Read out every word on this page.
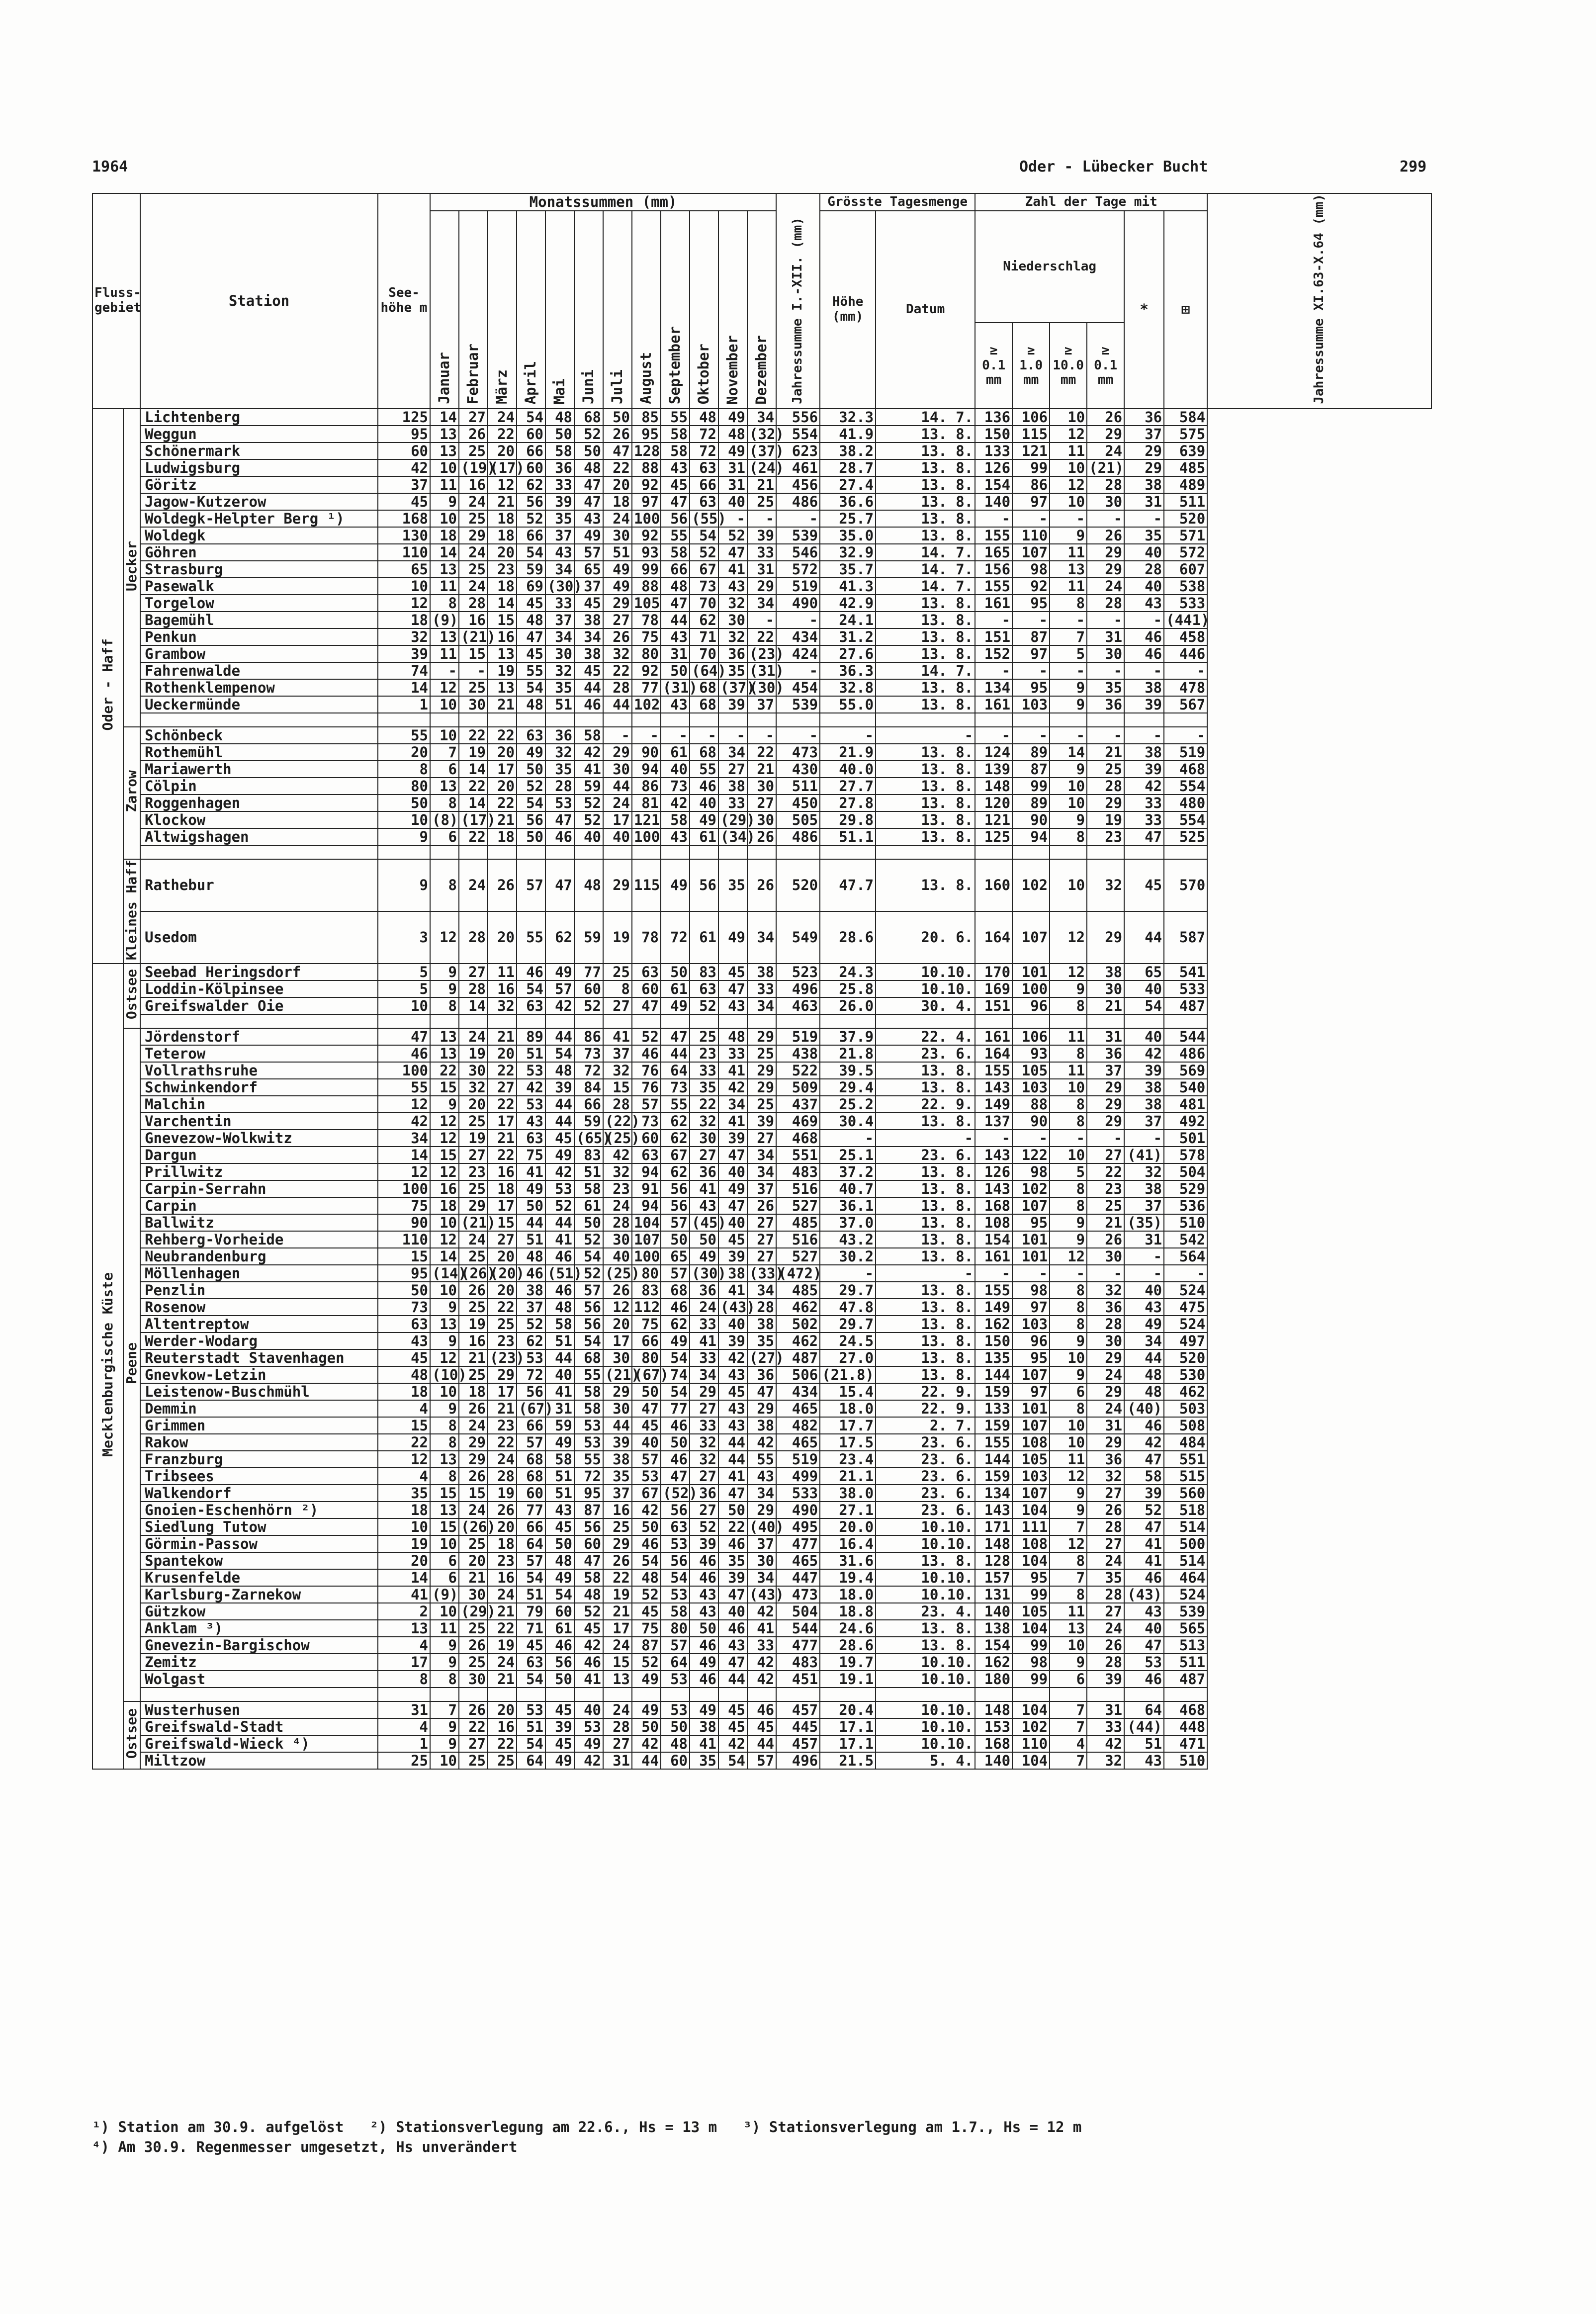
1964	Oder - Lübecker Bucht	299
Fluss-gebiet		Station	See-höhe m	Monatssummen (mm)												Jahressumme I.-XII. (mm)	Grösste Tagesmenge		Zahl der Tage mit						Jahressumme XI.63-X.64 (mm)
				Januar	Februar	März	April	Mai	Juni	Juli	August	September	Oktober	November	Dezember		Höhe (mm)	Datum	Niederschlag				*	⊞	
																			≥ 0.1 mm	≥ 1.0 mm	≥ 10.0 mm	≥ 0.1 mm			
Oder - Haff	Uecker	Lichtenberg	125	14	27	24	54	48	68	50	85	55	48	49	34	556	32.3	14. 7.	136	106	10	26	36	584	
		Weggun	95	13	26	22	60	50	52	26	95	58	72	48	(32)	554	41.9	13. 8.	150	115	12	29	37	575	
		Schönermark	60	13	25	20	66	58	50	47	128	58	72	49	(37)	623	38.2	13. 8.	133	121	11	24	29	639	
		Ludwigsburg	42	10	(19)	(17)	60	36	48	22	88	43	63	31	(24)	461	28.7	13. 8.	126	99	10	(21)	29	485	
		Göritz	37	11	16	12	62	33	47	20	92	45	66	31	21	456	27.4	13. 8.	154	86	12	28	38	489	
		Jagow-Kutzerow	45	9	24	21	56	39	47	18	97	47	63	40	25	486	36.6	13. 8.	140	97	10	30	31	511	
		Woldegk-Helpter Berg ¹)	168	10	25	18	52	35	43	24	100	56	(55)	-	-	-	25.7	13. 8.	-	-	-	-	-	520	
		Woldegk	130	18	29	18	66	37	49	30	92	55	54	52	39	539	35.0	13. 8.	155	110	9	26	35	571	
		Göhren	110	14	24	20	54	43	57	51	93	58	52	47	33	546	32.9	14. 7.	165	107	11	29	40	572	
		Strasburg	65	13	25	23	59	34	65	49	99	66	67	41	31	572	35.7	14. 7.	156	98	13	29	28	607	
		Pasewalk	10	11	24	18	69	(30)	37	49	88	48	73	43	29	519	41.3	14. 7.	155	92	11	24	40	538	
		Torgelow	12	8	28	14	45	33	45	29	105	47	70	32	34	490	42.9	13. 8.	161	95	8	28	43	533	
		Bagemühl	18	(9)	16	15	48	37	38	27	78	44	62	30	-	-	24.1	13. 8.	-	-	-	-	-	(441)	
		Penkun	32	13	(21)	16	47	34	34	26	75	43	71	32	22	434	31.2	13. 8.	151	87	7	31	46	458	
		Grambow	39	11	15	13	45	30	38	32	80	31	70	36	(23)	424	27.6	13. 8.	152	97	5	30	46	446	
		Fahrenwalde	74	-	-	19	55	32	45	22	92	50	(64)	35	(31)	-	36.3	14. 7.	-	-	-	-	-	-	
		Rothenklempenow	14	12	25	13	54	35	44	28	77	(31)	68	(37)	(30)	454	32.8	13. 8.	134	95	9	35	38	478	
		Ueckermünde	1	10	30	21	48	51	46	44	102	43	68	39	37	539	55.0	13. 8.	161	103	9	36	39	567	

	Zarow	Schönbeck	55	10	22	22	63	36	58	-	-	-	-	-	-	-	-	-	-	-	-	-	-	-	
		Rothemühl	20	7	19	20	49	32	42	29	90	61	68	34	22	473	21.9	13. 8.	124	89	14	21	38	519	
		Mariawerth	8	6	14	17	50	35	41	30	94	40	55	27	21	430	40.0	13. 8.	139	87	9	25	39	468	
		Cölpin	80	13	22	20	52	28	59	44	86	73	46	38	30	511	27.7	13. 8.	148	99	10	28	42	554	
		Roggenhagen	50	8	14	22	54	53	52	24	81	42	40	33	27	450	27.8	13. 8.	120	89	10	29	33	480	
		Klockow	10	(8)	(17)	21	56	47	52	17	121	58	49	(29)	30	505	29.8	13. 8.	121	90	9	19	33	554	
		Altwigshagen	9	6	22	18	50	46	40	40	100	43	61	(34)	26	486	51.1	13. 8.	125	94	8	23	47	525	

	Kleines Haff	Rathebur	9	8	24	26	57	47	48	29	115	49	56	35	26	520	47.7	13. 8.	160	102	10	32	45	570	
		Usedom	3	12	28	20	55	62	59	19	78	72	61	49	34	549	28.6	20. 6.	164	107	12	29	44	587	
Mecklenburgische Küste	Ostsee	Seebad Heringsdorf	5	9	27	11	46	49	77	25	63	50	83	45	38	523	24.3	10.10.	170	101	12	38	65	541	
		Loddin-Kölpinsee	5	9	28	16	54	57	60	8	60	61	63	47	33	496	25.8	10.10.	169	100	9	30	40	533	
		Greifswalder Oie	10	8	14	32	63	42	52	27	47	49	52	43	34	463	26.0	30. 4.	151	96	8	21	54	487	

	Peene	Jördenstorf	47	13	24	21	89	44	86	41	52	47	25	48	29	519	37.9	22. 4.	161	106	11	31	40	544	
		Teterow	46	13	19	20	51	54	73	37	46	44	23	33	25	438	21.8	23. 6.	164	93	8	36	42	486	
		Vollrathsruhe	100	22	30	22	53	48	72	32	76	64	33	41	29	522	39.5	13. 8.	155	105	11	37	39	569	
		Schwinkendorf	55	15	32	27	42	39	84	15	76	73	35	42	29	509	29.4	13. 8.	143	103	10	29	38	540	
		Malchin	12	9	20	22	53	44	66	28	57	55	22	34	25	437	25.2	22. 9.	149	88	8	29	38	481	
		Varchentin	42	12	25	17	43	44	59	(22)	73	62	32	41	39	469	30.4	13. 8.	137	90	8	29	37	492	
		Gnevezow-Wolkwitz	34	12	19	21	63	45	(65)	(25)	60	62	30	39	27	468	-	-	-	-	-	-	-	501	
		Dargun	14	15	27	22	75	49	83	42	63	67	27	47	34	551	25.1	23. 6.	143	122	10	27	(41)	578	
		Prillwitz	12	12	23	16	41	42	51	32	94	62	36	40	34	483	37.2	13. 8.	126	98	5	22	32	504	
		Carpin-Serrahn	100	16	25	18	49	53	58	23	91	56	41	49	37	516	40.7	13. 8.	143	102	8	23	38	529	
		Carpin	75	18	29	17	50	52	61	24	94	56	43	47	26	527	36.1	13. 8.	168	107	8	25	37	536	
		Ballwitz	90	10	(21)	15	44	44	50	28	104	57	(45)	40	27	485	37.0	13. 8.	108	95	9	21	(35)	510	
		Rehberg-Vorheide	110	12	24	27	51	41	52	30	107	50	50	45	27	516	43.2	13. 8.	154	101	9	26	31	542	
		Neubrandenburg	15	14	25	20	48	46	54	40	100	65	49	39	27	527	30.2	13. 8.	161	101	12	30	-	564	
		Möllenhagen	95	(14)	(26)	(20)	46	(51)	52	(25)	80	57	(30)	38	(33)	(472)	-	-	-	-	-	-	-	-	
		Penzlin	50	10	26	20	38	46	57	26	83	68	36	41	34	485	29.7	13. 8.	155	98	8	32	40	524	
		Rosenow	73	9	25	22	37	48	56	12	112	46	24	(43)	28	462	47.8	13. 8.	149	97	8	36	43	475	
		Altentreptow	63	13	19	25	52	58	56	20	75	62	33	40	38	502	29.7	13. 8.	162	103	8	28	49	524	
		Werder-Wodarg	43	9	16	23	62	51	54	17	66	49	41	39	35	462	24.5	13. 8.	150	96	9	30	34	497	
		Reuterstadt Stavenhagen	45	12	21	(23)	53	44	68	30	80	54	33	42	(27)	487	27.0	13. 8.	135	95	10	29	44	520	
		Gnevkow-Letzin	48	(10)	25	29	72	40	55	(21)	(67)	74	34	43	36	506	(21.8)	13. 8.	144	107	9	24	48	530	
		Leistenow-Buschmühl	18	10	18	17	56	41	58	29	50	54	29	45	47	434	15.4	22. 9.	159	97	6	29	48	462	
		Demmin	4	9	26	21	(67)	31	58	30	47	77	27	43	29	465	18.0	22. 9.	133	101	8	24	(40)	503	
		Grimmen	15	8	24	23	66	59	53	44	45	46	33	43	38	482	17.7	2. 7.	159	107	10	31	46	508	
		Rakow	22	8	29	22	57	49	53	39	40	50	32	44	42	465	17.5	23. 6.	155	108	10	29	42	484	
		Franzburg	12	13	29	24	68	58	55	38	57	46	32	44	55	519	23.4	23. 6.	144	105	11	36	47	551	
		Tribsees	4	8	26	28	68	51	72	35	53	47	27	41	43	499	21.1	23. 6.	159	103	12	32	58	515	
		Walkendorf	35	15	15	19	60	51	95	37	67	(52)	36	47	34	533	38.0	23. 6.	134	107	9	27	39	560	
		Gnoien-Eschenhörn ²)	18	13	24	26	77	43	87	16	42	56	27	50	29	490	27.1	23. 6.	143	104	9	26	52	518	
		Siedlung Tutow	10	15	(26)	20	66	45	56	25	50	63	52	22	(40)	495	20.0	10.10.	171	111	7	28	47	514	
		Görmin-Passow	19	10	25	18	64	50	60	29	46	53	39	46	37	477	16.4	10.10.	148	108	12	27	41	500	
		Spantekow	20	6	20	23	57	48	47	26	54	56	46	35	30	465	31.6	13. 8.	128	104	8	24	41	514	
		Krusenfelde	14	6	21	16	54	49	58	22	48	54	46	39	34	447	19.4	10.10.	157	95	7	35	46	464	
		Karlsburg-Zarnekow	41	(9)	30	24	51	54	48	19	52	53	43	47	(43)	473	18.0	10.10.	131	99	8	28	(43)	524	
		Gützkow	2	10	(29)	21	79	60	52	21	45	58	43	40	42	504	18.8	23. 4.	140	105	11	27	43	539	
		Anklam ³)	13	11	25	22	71	61	45	17	75	80	50	46	41	544	24.6	13. 8.	138	104	13	24	40	565	
		Gnevezin-Bargischow	4	9	26	19	45	46	42	24	87	57	46	43	33	477	28.6	13. 8.	154	99	10	26	47	513	
		Zemitz	17	9	25	24	63	56	46	15	52	64	49	47	42	483	19.7	10.10.	162	98	9	28	53	511	
		Wolgast	8	8	30	21	54	50	41	13	49	53	46	44	42	451	19.1	10.10.	180	99	6	39	46	487	

	Ostsee	Wusterhusen	31	7	26	20	53	45	40	24	49	53	49	45	46	457	20.4	10.10.	148	104	7	31	64	468	
		Greifswald-Stadt	4	9	22	16	51	39	53	28	50	50	38	45	45	445	17.1	10.10.	153	102	7	33	(44)	448	
		Greifswald-Wieck ⁴)	1	9	27	22	54	45	49	27	42	48	41	42	44	457	17.1	10.10.	168	110	4	42	51	471	
		Miltzow	25	10	25	25	64	49	42	31	44	60	35	54	57	496	21.5	5. 4.	140	104	7	32	43	510	
¹) Station am 30.9. aufgelöst   ²) Stationsverlegung am 22.6., Hs = 13 m   ³) Stationsverlegung am 1.7., Hs = 12 m
⁴) Am 30.9. Regenmesser umgesetzt, Hs unverändert
